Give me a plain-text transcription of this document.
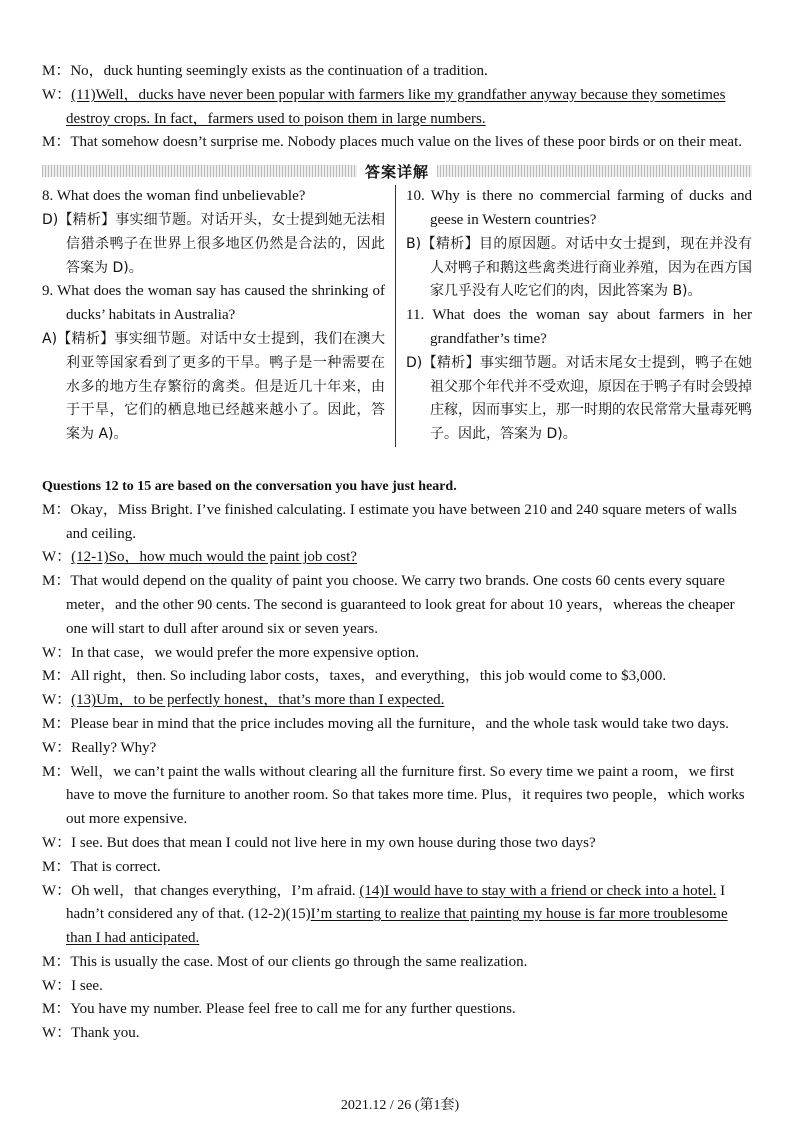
M：No，duck hunting seemingly exists as the continuation of a tradition.
W：(11)Well，ducks have never been popular with farmers like my grandfather anyway because they sometimes destroy crops. In fact，farmers used to poison them in large numbers.
M：That somehow doesn’t surprise me. Nobody places much value on the lives of these poor birds or on their meat.
答案详解
8. What does the woman find unbelievable?
D)【精析】事实细节题。对话开头，女士提到她无法相信猎杀鸭子在世界上很多地区仍然是合法的，因此答案为 D)。
9. What does the woman say has caused the shrinking of ducks’ habitats in Australia?
A)【精析】事实细节题。对话中女士提到，我们在澳大利亚等国家看到了更多的干旱。鸭子是一种需要在水多的地方生存繁衍的禽类。但是近几十年来，由于干旱，它们的栖息地已经越来越小了。因此，答案为 A)。
10. Why is there no commercial farming of ducks and geese in Western countries?
B)【精析】目的原因题。对话中女士提到，现在并没有人对鸭子和鹅这些禽类进行商业养殖，因为在西方国家几乎没有人吃它们的肉，因此答案为 B)。
11. What does the woman say about farmers in her grandfather’s time?
D)【精析】事实细节题。对话末尾女士提到，鸭子在她祖父那个年代并不受欢迎，原因在于鸭子有时会毁掉庄稼，因而事实上，那一时期的农民常常大量毒死鸭子。因此，答案为 D)。
Questions 12 to 15 are based on the conversation you have just heard.
M：Okay，Miss Bright. I’ve finished calculating. I estimate you have between 210 and 240 square meters of walls and ceiling.
W：(12-1)So，how much would the paint job cost?
M：That would depend on the quality of paint you choose. We carry two brands. One costs 60 cents every square meter，and the other 90 cents. The second is guaranteed to look great for about 10 years，whereas the cheaper one will start to dull after around six or seven years.
W：In that case，we would prefer the more expensive option.
M：All right，then. So including labor costs，taxes，and everything，this job would come to $3,000.
W：(13)Um，to be perfectly honest，that’s more than I expected.
M：Please bear in mind that the price includes moving all the furniture，and the whole task would take two days.
W：Really? Why?
M：Well，we can’t paint the walls without clearing all the furniture first. So every time we paint a room，we first have to move the furniture to another room. So that takes more time. Plus，it requires two people，which works out more expensive.
W：I see. But does that mean I could not live here in my own house during those two days?
M：That is correct.
W：Oh well，that changes everything，I’m afraid. (14)I would have to stay with a friend or check into a hotel. I hadn’t considered any of that. (12-2)(15)I’m starting to realize that painting my house is far more troublesome than I had anticipated.
M：This is usually the case. Most of our clients go through the same realization.
W：I see.
M：You have my number. Please feel free to call me for any further questions.
W：Thank you.
2021.12 / 26 (第1套)
